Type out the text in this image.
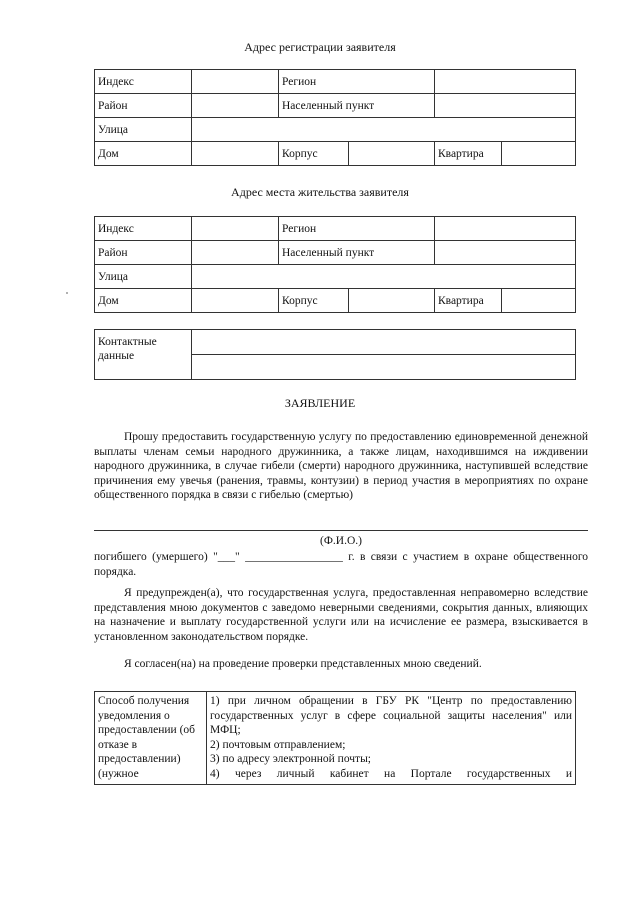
Адрес регистрации заявителя
Индекс		Регион			
Район		Населенный пункт			
Улица					
Дом		Корпус		Квартира	
Адрес места жительства заявителя
Индекс		Регион			
Район		Населенный пункт			
Улица					
Дом		Корпус		Квартира	
Контактные
данные	

ЗАЯВЛЕНИЕ
Прошу предоставить государственную услугу по предоставлению единовременной денежной выплаты членам семьи народного дружинника, а также лицам, находившимся на иждивении народного дружинника, в случае гибели (смерти) народного дружинника, наступившей вследствие причинения ему увечья (ранения, травмы, контузии) в период участия в мероприятиях по охране общественного порядка в связи с гибелью (смертью)
(Ф.И.О.)
погибшего (умершего) "___" _________________ г. в связи с участием в охране общественного порядка.
Я предупрежден(а), что государственная услуга, предоставленная неправомерно вследствие представления мною документов с заведомо неверными сведениями, сокрытия данных, влияющих на назначение и выплату государственной услуги или на исчисление ее размера, взыскивается в установленном законодательством порядке.
Я согласен(на) на проведение проверки представленных мною сведений.
Способ получения уведомления о предоставлении (об отказе в предоставлении) (нужное	
1) при личном обращении в ГБУ РК "Центр по предоставлению государственных услуг в сфере социальной защиты населения" или МФЦ;
2) почтовым отправлением;
3) по адресу электронной почты;
4) через личный кабинет на Портале государственных и
